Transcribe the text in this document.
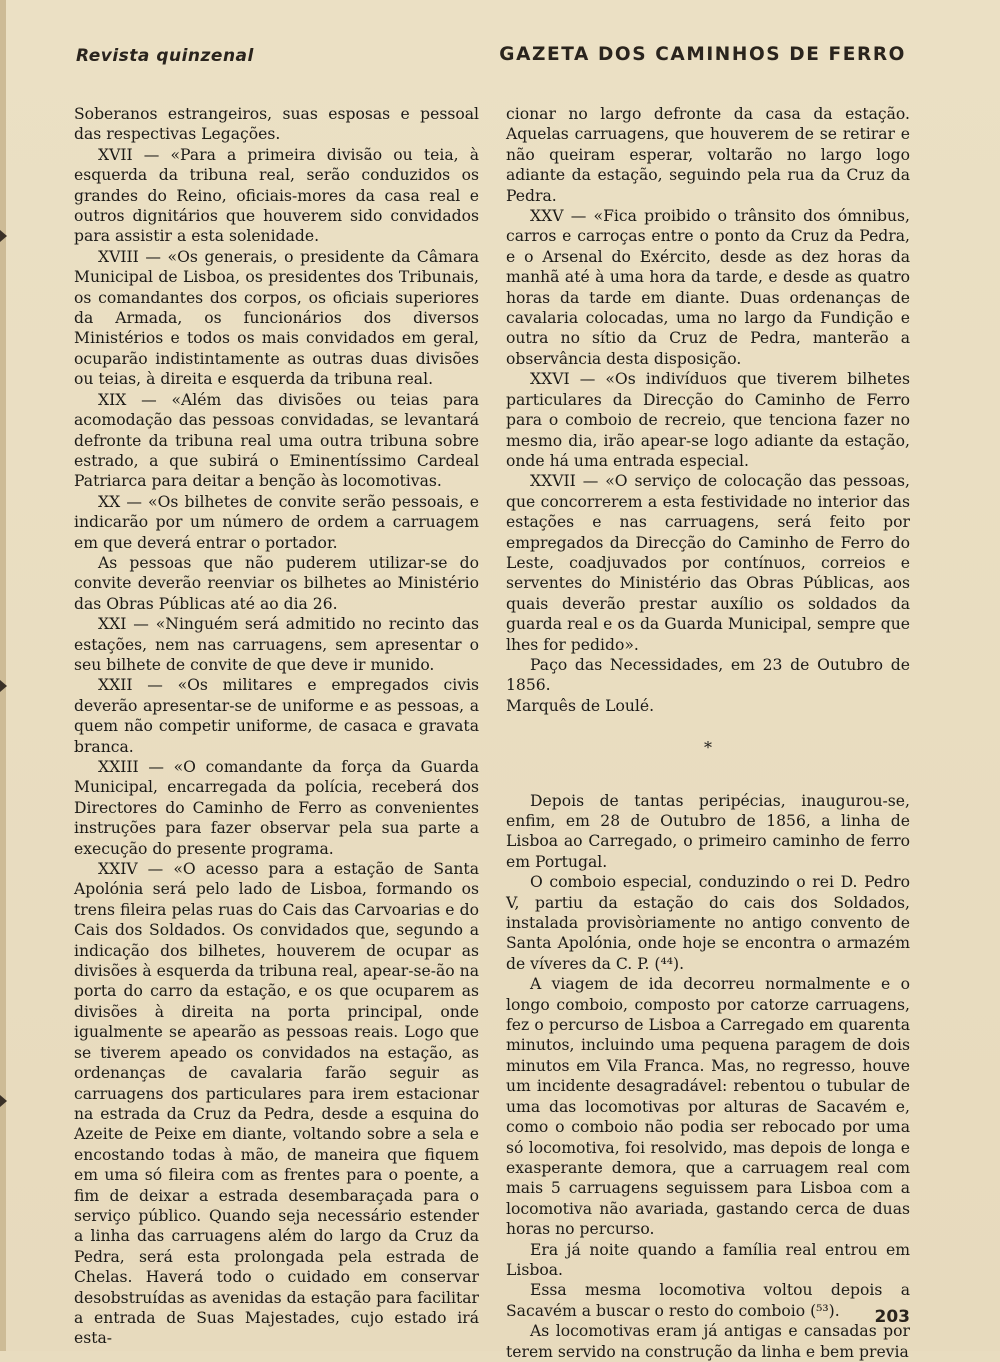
Revista quinzenal	GAZETA DOS CAMINHOS DE FERRO

Soberanos estrangeiros, suas esposas e pessoal das respectivas Legações.

XVII — «Para a primeira divisão ou teia, à esquerda da tribuna real, serão conduzidos os grandes do Reino, oficiais-mores da casa real e outros dignitários que houverem sido convidados para assistir a esta solenidade.

XVIII — «Os generais, o presidente da Câmara Municipal de Lisboa, os presidentes dos Tribunais, os comandantes dos corpos, os oficiais superiores da Armada, os funcionários dos diversos Ministérios e todos os mais convidados em geral, ocuparão indistintamente as outras duas divisões ou teias, à direita e esquerda da tribuna real.

XIX — «Além das divisões ou teias para acomodação das pessoas convidadas, se levantará defronte da tribuna real uma outra tribuna sobre estrado, a que subirá o Eminentíssimo Cardeal Patriarca para deitar a benção às locomotivas.

XX — «Os bilhetes de convite serão pessoais, e indicarão por um número de ordem a carruagem em que deverá entrar o portador.

As pessoas que não puderem utilizar-se do convite deverão reenviar os bilhetes ao Ministério das Obras Públicas até ao dia 26.

XXI — «Ninguém será admitido no recinto das estações, nem nas carruagens, sem apresentar o seu bilhete de convite de que deve ir munido.

XXII — «Os militares e empregados civis deverão apresentar-se de uniforme e as pessoas, a quem não competir uniforme, de casaca e gravata branca.

XXIII — «O comandante da força da Guarda Municipal, encarregada da polícia, receberá dos Directores do Caminho de Ferro as convenientes instruções para fazer observar pela sua parte a execução do presente programa.

XXIV — «O acesso para a estação de Santa Apolónia será pelo lado de Lisboa, formando os trens fileira pelas ruas do Cais das Carvoarias e do Cais dos Soldados. Os convidados que, segundo a indicação dos bilhetes, houverem de ocupar as divisões à esquerda da tribuna real, apear-se-ão na porta do carro da estação, e os que ocuparem as divisões à direita na porta principal, onde igualmente se apearão as pessoas reais. Logo que se tiverem apeado os convidados na estação, as ordenanças de cavalaria farão seguir as carruagens dos particulares para irem estacionar na estrada da Cruz da Pedra, desde a esquina do Azeite de Peixe em diante, voltando sobre a sela e encostando todas à mão, de maneira que fiquem em uma só fileira com as frentes para o poente, a fim de deixar a estrada desembaraçada para o serviço público. Quando seja necessário estender a linha das carruagens além do largo da Cruz da Pedra, será esta prolongada pela estrada de Chelas. Haverá todo o cuidado em conservar desobstruídas as avenidas da estação para facilitar a entrada de Suas Majestades, cujo estado irá esta-

cionar no largo defronte da casa da estação. Aquelas carruagens, que houverem de se retirar e não queiram esperar, voltarão no largo logo adiante da estação, seguindo pela rua da Cruz da Pedra.

XXV — «Fica proibido o trânsito dos ómnibus, carros e carroças entre o ponto da Cruz da Pedra, e o Arsenal do Exército, desde as dez horas da manhã até à uma hora da tarde, e desde as quatro horas da tarde em diante. Duas ordenanças de cavalaria colocadas, uma no largo da Fundição e outra no sítio da Cruz de Pedra, manterão a observância desta disposição.

XXVI — «Os indivíduos que tiverem bilhetes particulares da Direcção do Caminho de Ferro para o comboio de recreio, que tenciona fazer no mesmo dia, irão apear-se logo adiante da estação, onde há uma entrada especial.

XXVII — «O serviço de colocação das pessoas, que concorrerem a esta festividade no interior das estações e nas carruagens, será feito por empregados da Direcção do Caminho de Ferro do Leste, coadjuvados por contínuos, correios e serventes do Ministério das Obras Públicas, aos quais deverão prestar auxílio os soldados da guarda real e os da Guarda Municipal, sempre que lhes for pedido».

Paço das Necessidades, em 23 de Outubro de 1856.

Marquês de Loulé.

*

Depois de tantas peripécias, inaugurou-se, enfim, em 28 de Outubro de 1856, a linha de Lisboa ao Carregado, o primeiro caminho de ferro em Portugal.

O comboio especial, conduzindo o rei D. Pedro V, partiu da estação do cais dos Soldados, instalada provisòriamente no antigo convento de Santa Apolónia, onde hoje se encontra o armazém de víveres da C. P. (⁴⁴).

A viagem de ida decorreu normalmente e o longo comboio, composto por catorze carruagens, fez o percurso de Lisboa a Carregado em quarenta minutos, incluindo uma pequena paragem de dois minutos em Vila Franca. Mas, no regresso, houve um incidente desagradável: rebentou o tubular de uma das locomotivas por alturas de Sacavém e, como o comboio não podia ser rebocado por uma só locomotiva, foi resolvido, mas depois de longa e exasperante demora, que a carruagem real com mais 5 carruagens seguissem para Lisboa com a locomotiva não avariada, gastando cerca de duas horas no percurso.

Era já noite quando a família real entrou em Lisboa.

Essa mesma locomotiva voltou depois a Sacavém a buscar o resto do comboio (⁵³).

As locomotivas eram já antigas e cansadas por terem servido na construção da linha e bem previa

203
